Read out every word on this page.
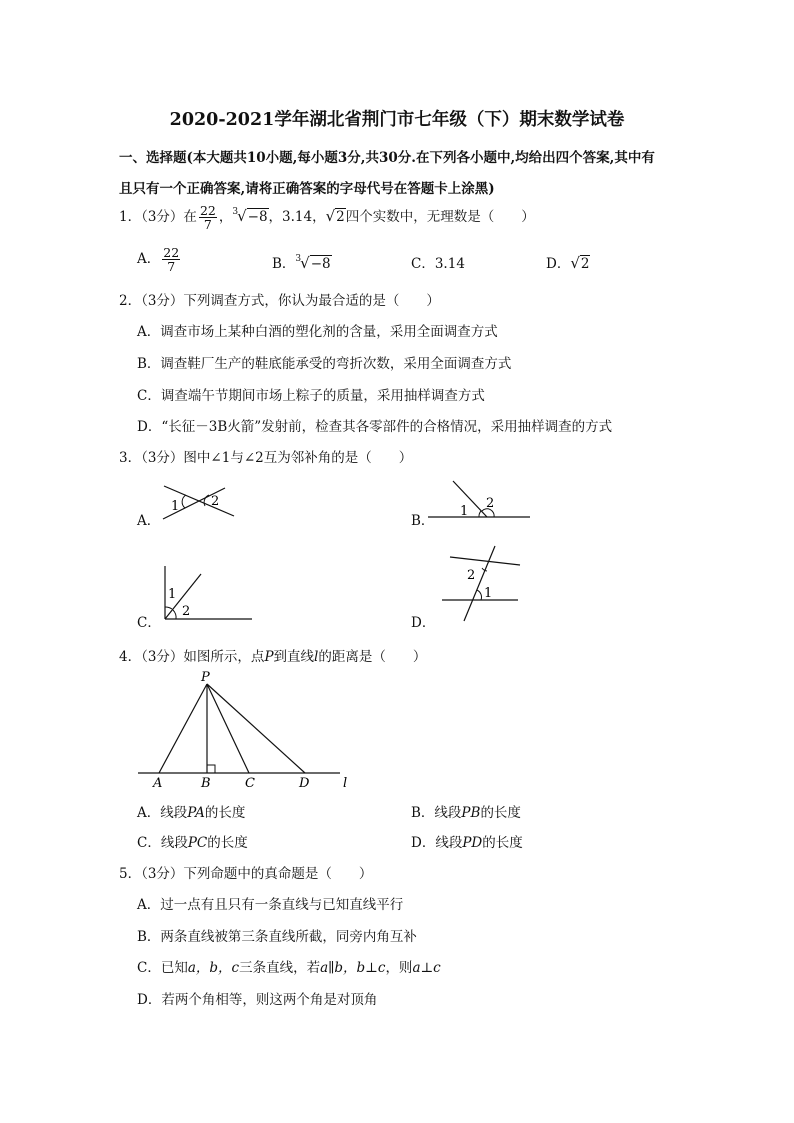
2020-2021学年湖北省荆门市七年级（下）期末数学试卷
一、选择题(本大题共10小题,每小题3分,共30分.在下列各小题中,均给出四个答案,其中有
且只有一个正确答案,请将正确答案的字母代号在答题卡上涂黑)
1．（3分）在 $\frac{22}{7}$ ，$^3$√−8，3.14，√2四个实数中，无理数是（　　）
A． $\frac{22}{7}$	B．$^3$√−8	C．3.14	D．√2
2．（3分）下列调查方式，你认为最合适的是（　　）
A．调查市场上某种白酒的塑化剂的含量，采用全面调查方式
B．调查鞋厂生产的鞋底能承受的弯折次数，采用全面调查方式
C．调查端午节期间市场上粽子的质量，采用抽样调查方式
D．“长征－3B火箭”发射前，检查其各零部件的合格情况，采用抽样调查的方式
3．（3分）图中∠1与∠2互为邻补角的是（　　）
A．
1 2
B．
1
2
C．
1
2
D．
2
1
4．（3分）如图所示，点P到直线l的距离是（　　）
P
A	B	C	D	l
A．线段PA的长度	B．线段PB的长度
C．线段PC的长度	D．线段PD的长度
5．（3分）下列命题中的真命题是（　　）
A．过一点有且只有一条直线与已知直线平行
B．两条直线被第三条直线所截，同旁内角互补
C．已知a，b，c三条直线，若a∥b，b⊥c，则a⊥c
D．若两个角相等，则这两个角是对顶角
